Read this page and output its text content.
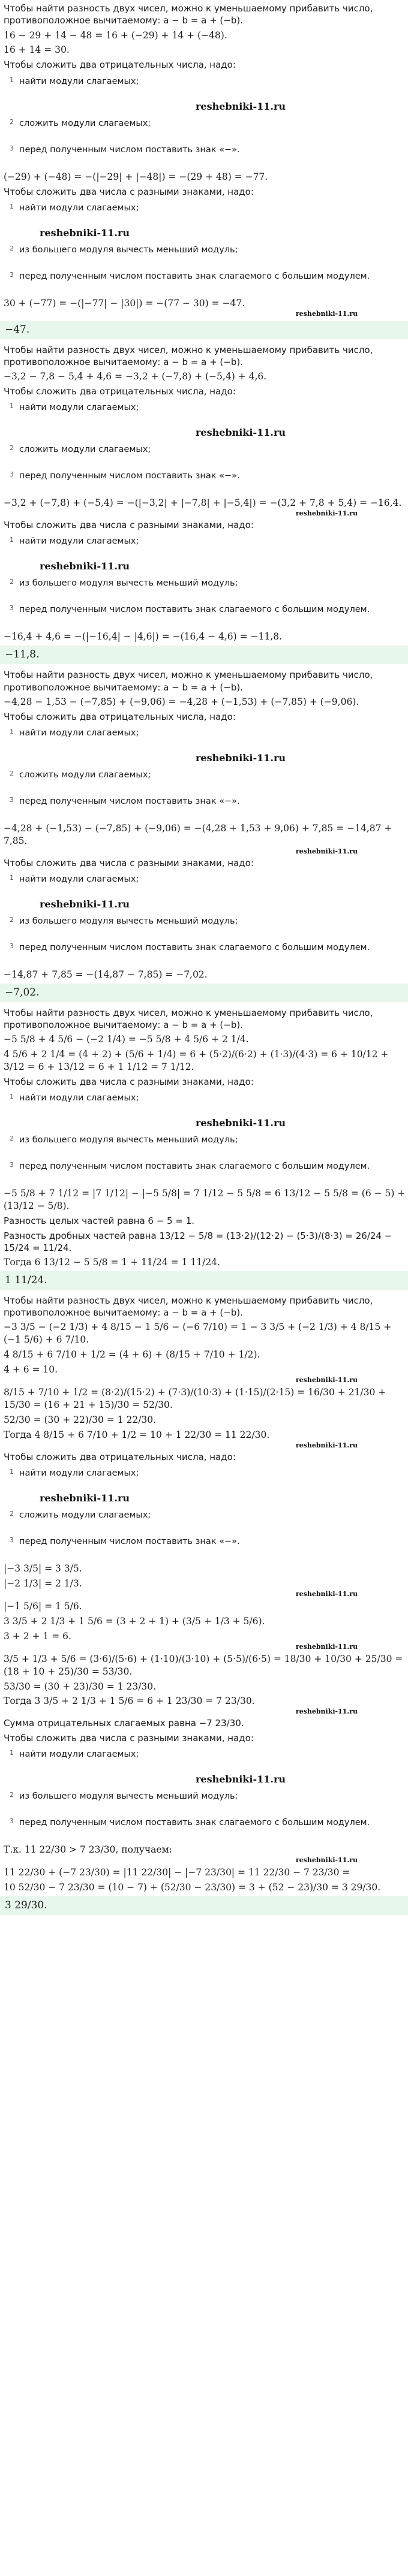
Чтобы найти разность двух чисел, можно к уменьшаемому прибавить число, противоположное вычитаемому: a − b = a + (−b).
16 − 29 + 14 − 48 = 16 + (−29) + 14 + (−48).
16 + 14 = 30.
Чтобы сложить два отрицательных числа, надо:
1 найти модули слагаемых;
reshebniki-11.ru
2 сложить модули слагаемых;
3 перед полученным числом поставить знак «−».
(−29) + (−48) = −(|−29| + |−48|) = −(29 + 48) = −77.
Чтобы сложить два числа с разными знаками, надо:
1 найти модули слагаемых;
reshebniki-11.ru
2 из большего модуля вычесть меньший модуль;
3 перед полученным числом поставить знак слагаемого с большим модулем.
30 + (−77) = −(|−77| − |30|) = −(77 − 30) = −47.
reshebniki-11.ru
−47.
Чтобы найти разность двух чисел, можно к уменьшаемому прибавить число, противоположное вычитаемому: a − b = a + (−b).
−3,2 − 7,8 − 5,4 + 4,6 = −3,2 + (−7,8) + (−5,4) + 4,6.
Чтобы сложить два отрицательных числа, надо:
1 найти модули слагаемых;
reshebniki-11.ru
2 сложить модули слагаемых;
3 перед полученным числом поставить знак «−».
−3,2 + (−7,8) + (−5,4) = −(|−3,2| + |−7,8| + |−5,4|) = −(3,2 + 7,8 + 5,4) = −16,4.
reshebniki-11.ru
Чтобы сложить два числа с разными знаками, надо:
1 найти модули слагаемых;
reshebniki-11.ru
2 из большего модуля вычесть меньший модуль;
3 перед полученным числом поставить знак слагаемого с большим модулем.
−16,4 + 4,6 = −(|−16,4| − |4,6|) = −(16,4 − 4,6) = −11,8.
−11,8.
Чтобы найти разность двух чисел, можно к уменьшаемому прибавить число, противоположное вычитаемому: a − b = a + (−b).
−4,28 − 1,53 − (−7,85) + (−9,06) = −4,28 + (−1,53) + (−7,85) + (−9,06).
Чтобы сложить два отрицательных числа, надо:
1 найти модули слагаемых;
reshebniki-11.ru
2 сложить модули слагаемых;
3 перед полученным числом поставить знак «−».
−4,28 + (−1,53) − (−7,85) + (−9,06) = −(4,28 + 1,53 + 9,06) + 7,85 = −14,87 + 7,85.
reshebniki-11.ru
Чтобы сложить два числа с разными знаками, надо:
1 найти модули слагаемых;
reshebniki-11.ru
2 из большего модуля вычесть меньший модуль;
3 перед полученным числом поставить знак слагаемого с большим модулем.
−14,87 + 7,85 = −(14,87 − 7,85) = −7,02.
−7,02.
Чтобы найти разность двух чисел, можно к уменьшаемому прибавить число, противоположное вычитаемому: a − b = a + (−b).
−5 5/8 + 4 5/6 − (−2 1/4) = −5 5/8 + 4 5/6 + 2 1/4.
4 5/6 + 2 1/4 = (4 + 2) + (5/6 + 1/4) = 6 + (5·2)/(6·2) + (1·3)/(4·3) = 6 + 10/12 + 3/12 = 6 + 13/12 = 6 + 1 1/12 = 7 1/12.
Чтобы сложить два числа с разными знаками, надо:
1 найти модули слагаемых;
reshebniki-11.ru
2 из большего модуля вычесть меньший модуль;
3 перед полученным числом поставить знак слагаемого с большим модулем.
−5 5/8 + 7 1/12 = |7 1/12| − |−5 5/8| = 7 1/12 − 5 5/8 = 6 13/12 − 5 5/8 = (6 − 5) + (13/12 − 5/8).
Разность целых частей равна 6 − 5 = 1.
Разность дробных частей равна 13/12 − 5/8 = (13·2)/(12·2) − (5·3)/(8·3) = 26/24 − 15/24 = 11/24.
Тогда 6 13/12 − 5 5/8 = 1 + 11/24 = 1 11/24.
1 11/24.
Чтобы найти разность двух чисел, можно к уменьшаемому прибавить число, противоположное вычитаемому: a − b = a + (−b).
−3 3/5 − (−2 1/3) + 4 8/15 − 1 5/6 − (−6 7/10) = 1 − 3 3/5 + (−2 1/3) + 4 8/15 + (−1 5/6) + 6 7/10.
4 8/15 + 6 7/10 + 1/2 = (4 + 6) + (8/15 + 7/10 + 1/2).
4 + 6 = 10.
reshebniki-11.ru
8/15 + 7/10 + 1/2 = (8·2)/(15·2) + (7·3)/(10·3) + (1·15)/(2·15) = 16/30 + 21/30 + 15/30 = (16 + 21 + 15)/30 = 52/30.
52/30 = (30 + 22)/30 = 1 22/30.
Тогда 4 8/15 + 6 7/10 + 1/2 = 10 + 1 22/30 = 11 22/30.
reshebniki-11.ru
Чтобы сложить два отрицательных числа, надо:
1 найти модули слагаемых;
reshebniki-11.ru
2 сложить модули слагаемых;
3 перед полученным числом поставить знак «−».
|−3 3/5| = 3 3/5.
|−2 1/3| = 2 1/3.
reshebniki-11.ru
|−1 5/6| = 1 5/6.
3 3/5 + 2 1/3 + 1 5/6 = (3 + 2 + 1) + (3/5 + 1/3 + 5/6).
3 + 2 + 1 = 6.
reshebniki-11.ru
3/5 + 1/3 + 5/6 = (3·6)/(5·6) + (1·10)/(3·10) + (5·5)/(6·5) = 18/30 + 10/30 + 25/30 = (18 + 10 + 25)/30 = 53/30.
53/30 = (30 + 23)/30 = 1 23/30.
Тогда 3 3/5 + 2 1/3 + 1 5/6 = 6 + 1 23/30 = 7 23/30.
reshebniki-11.ru
Сумма отрицательных слагаемых равна −7 23/30.
Чтобы сложить два числа с разными знаками, надо:
1 найти модули слагаемых;
reshebniki-11.ru
2 из большего модуля вычесть меньший модуль;
3 перед полученным числом поставить знак слагаемого с большим модулем.
Т.к. 11 22/30 > 7 23/30, получаем:
reshebniki-11.ru
11 22/30 + (−7 23/30) = |11 22/30| − |−7 23/30| = 11 22/30 − 7 23/30 =
10 52/30 − 7 23/30 = (10 − 7) + (52/30 − 23/30) = 3 + (52 − 23)/30 = 3 29/30.
3 29/30.
